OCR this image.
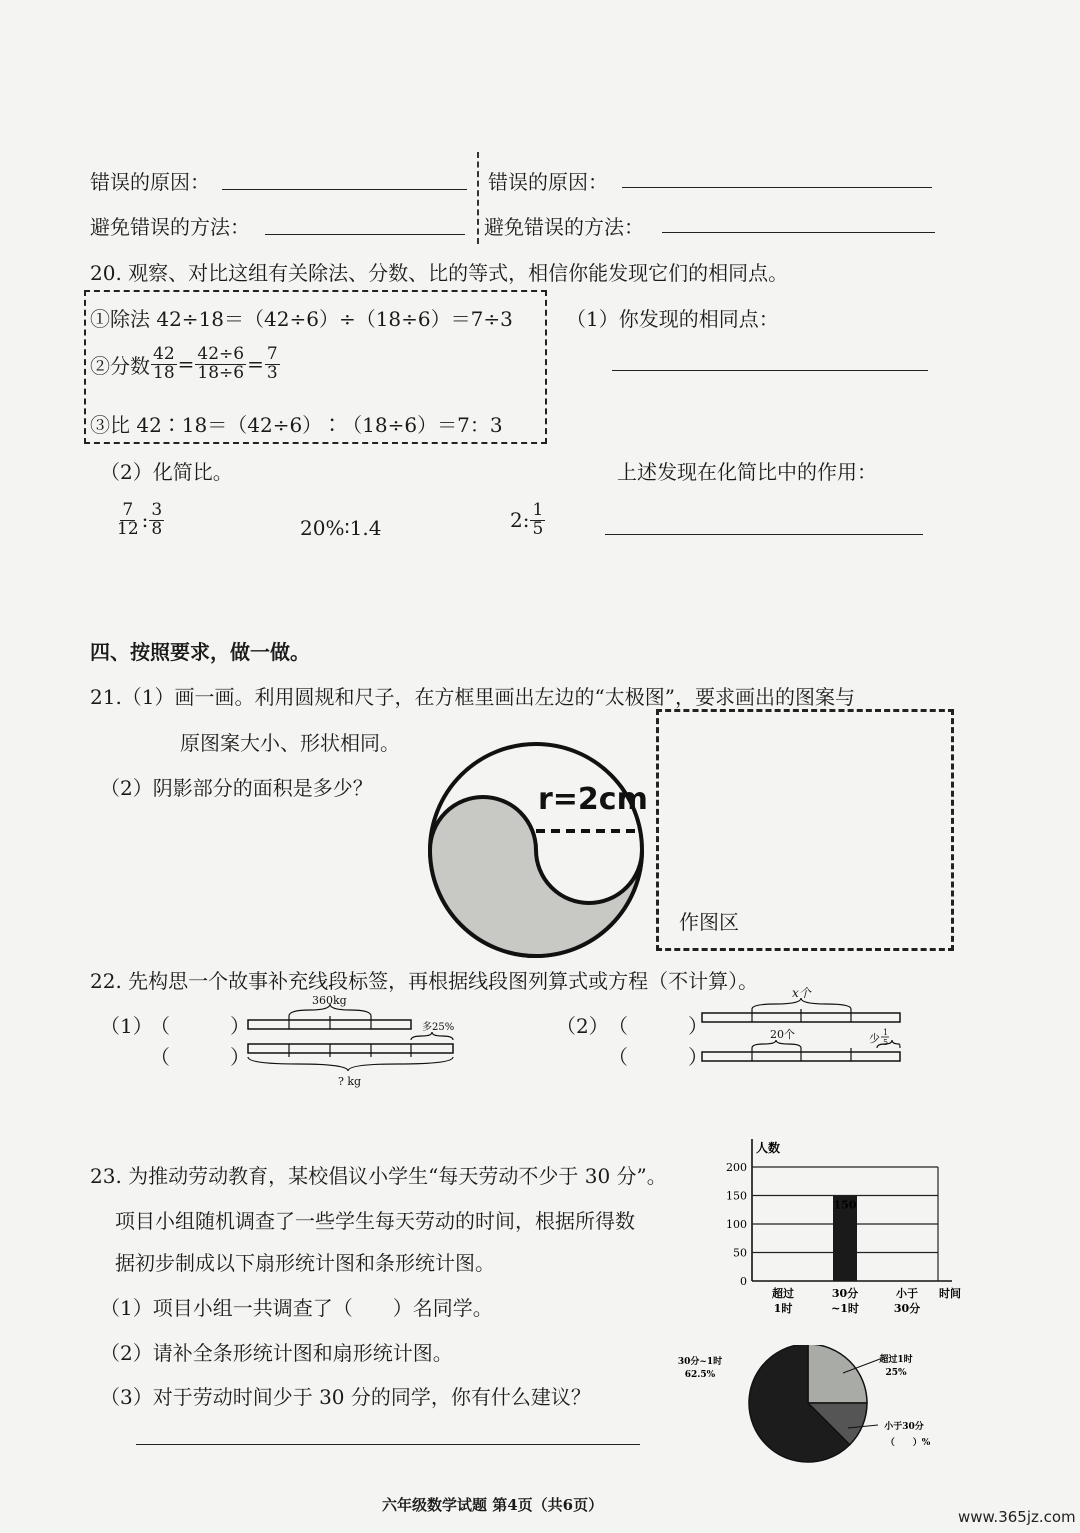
错误的原因：
避免错误的方法：
错误的原因：
避免错误的方法：
20. 观察、对比这组有关除法、分数、比的等式，相信你能发现它们的相同点。
①除法 42÷18＝（42÷6）÷（18÷6）＝7÷3
②分数 $\frac{42}{18} = \frac{42\div 6}{18\div 6} = \frac{7}{3}$
③比 42∶18＝（42÷6）∶（18÷6）＝7：3
（1）你发现的相同点：
（2）化简比。	上述发现在化简比中的作用：
$\frac{7}{12}$ : $\frac{3}{8}$	20%∶1.4	2: $\frac{1}{5}$
四、按照要求，做一做。
21.（1）画一画。利用圆规和尺子，在方框里画出左边的“太极图”，要求画出的图案与
原图案大小、形状相同。
（2）阴影部分的面积是多少？	r=2cm
作图区
22. 先构思一个故事补充线段标签，再根据线段图列算式或方程（不计算）。
（1）
（	）
（	）
360kg
多25%
? kg
（2） （	）
（	）
x个
20个	少 1
5
23. 为推动劳动教育，某校倡议小学生“每天劳动不少于 30 分”。
项目小组随机调查了一些学生每天劳动的时间，根据所得数
据初步制成以下扇形统计图和条形统计图。
（1）项目小组一共调查了（　　）名同学。
（2）请补全条形统计图和扇形统计图。
（3）对于劳动时间少于 30 分的同学，你有什么建议？
人数
0
50
100
150
200
超过
1时
150
30分
~1时
小于
30分
时间
30分~1时
62.5%
超过1时
25%
小于30分
（　　）%
六年级数学试题 第4页（共6页）
www.365jz.com
